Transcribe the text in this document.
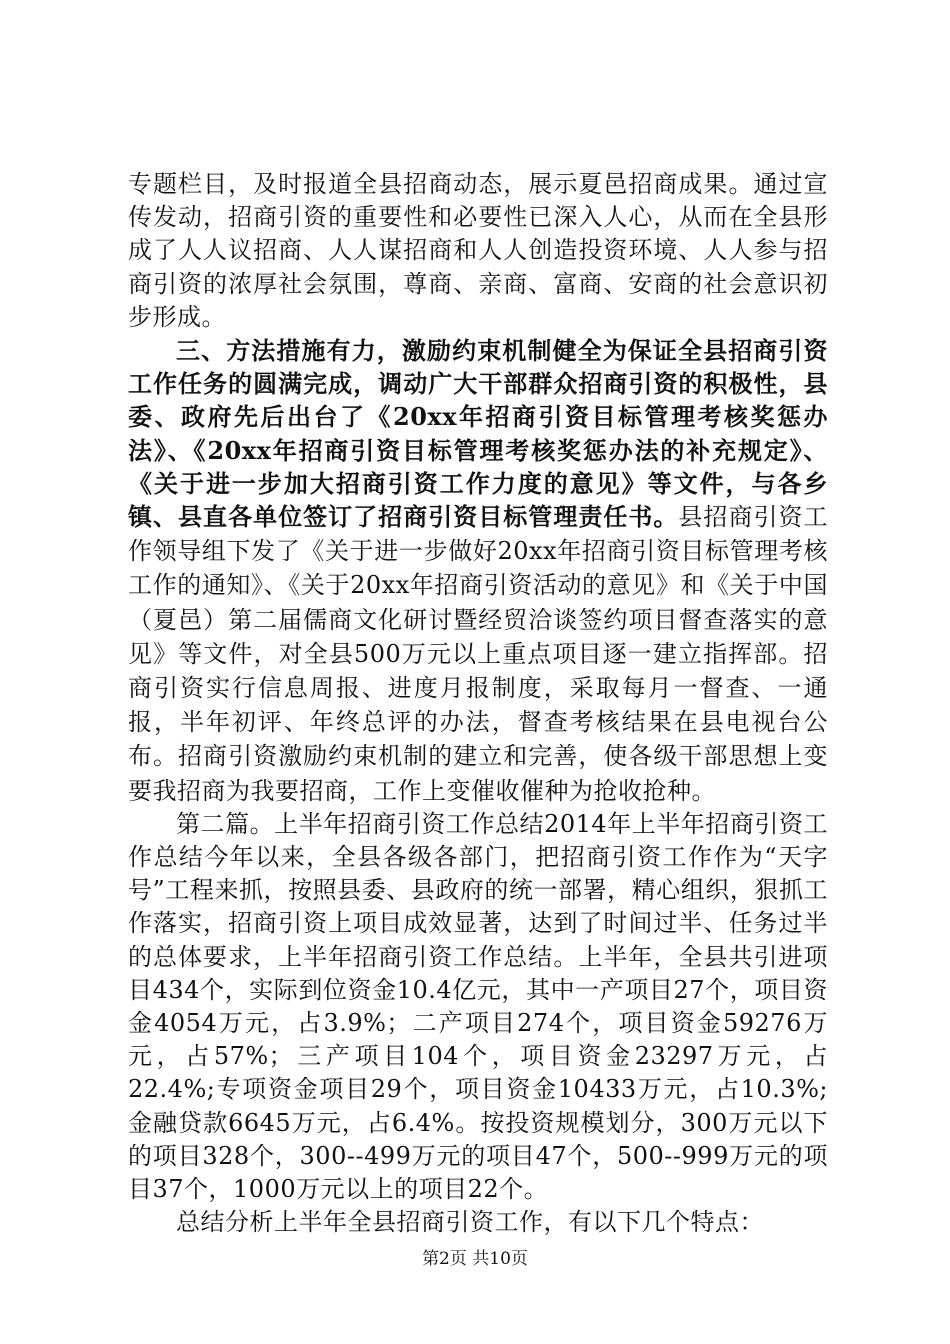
专题栏目，及时报道全县招商动态，展示夏邑招商成果。通过宣传发动，招商引资的重要性和必要性已深入人心，从而在全县形成了人人议招商、人人谋招商和人人创造投资环境、人人参与招商引资的浓厚社会氛围，尊商、亲商、富商、安商的社会意识初步形成。

三、方法措施有力，激励约束机制健全为保证全县招商引资工作任务的圆满完成，调动广大干部群众招商引资的积极性，县委、政府先后出台了《20xx年招商引资目标管理考核奖惩办法》、《20xx年招商引资目标管理考核奖惩办法的补充规定》、《关于进一步加大招商引资工作力度的意见》等文件，与各乡镇、县直各单位签订了招商引资目标管理责任书。县招商引资工作领导组下发了《关于进一步做好20xx年招商引资目标管理考核工作的通知》、《关于20xx年招商引资活动的意见》和《关于中国（夏邑）第二届儒商文化研讨暨经贸洽谈签约项目督查落实的意见》等文件，对全县500万元以上重点项目逐一建立指挥部。招商引资实行信息周报、进度月报制度，采取每月一督查、一通报，半年初评、年终总评的办法，督查考核结果在县电视台公布。招商引资激励约束机制的建立和完善，使各级干部思想上变要我招商为我要招商，工作上变催收催种为抢收抢种。

第二篇。上半年招商引资工作总结2014年上半年招商引资工作总结今年以来，全县各级各部门，把招商引资工作作为“天字号”工程来抓，按照县委、县政府的统一部署，精心组织，狠抓工作落实，招商引资上项目成效显著，达到了时间过半、任务过半的总体要求，上半年招商引资工作总结。上半年，全县共引进项目434个，实际到位资金10.4亿元，其中一产项目27个，项目资金4054万元，占3.9%；二产项目274个，项目资金59276万元，占57%；三产项目104个，项目资金23297万元，占22.4%;专项资金项目29个，项目资金10433万元，占10.3%;金融贷款6645万元，占6.4%。按投资规模划分，300万元以下的项目328个，300--499万元的项目47个，500--999万元的项目37个，1000万元以上的项目22个。

总结分析上半年全县招商引资工作，有以下几个特点：

第2页 共10页
